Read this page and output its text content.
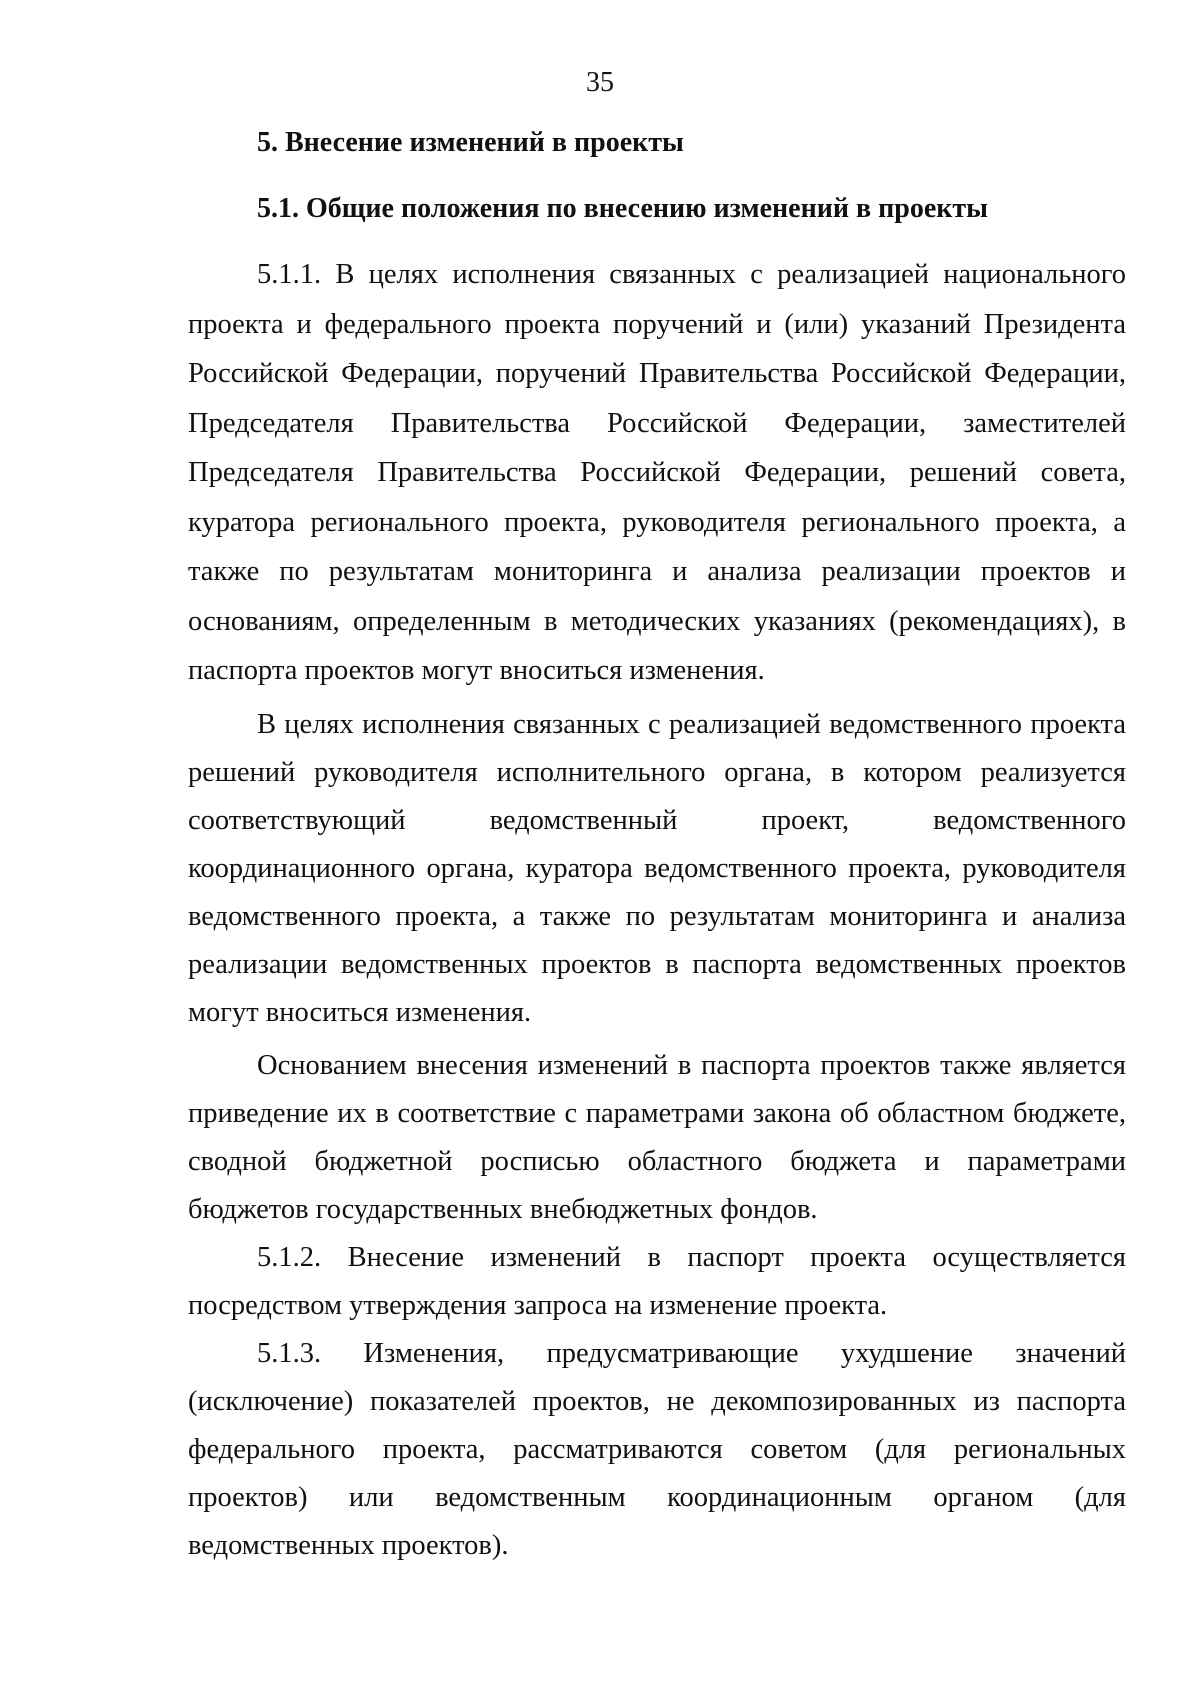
35
5. Внесение изменений в проекты
5.1. Общие положения по внесению изменений в проекты

5.1.1. В целях исполнения связанных с реализацией национального проекта и федерального проекта поручений и (или) указаний Президента Российской Федерации, поручений Правительства Российской Федерации, Председателя Правительства Российской Федерации, заместителей Председателя Правительства Российской Федерации, решений совета, куратора регионального проекта, руководителя регионального проекта, а также по результатам мониторинга и анализа реализации проектов и основаниям, определенным в методических указаниях (рекомендациях), в паспорта проектов могут вноситься изменения.

В целях исполнения связанных с реализацией ведомственного проекта решений руководителя исполнительного органа, в котором реализуется соответствующий ведомственный проект, ведомственного координационного органа, куратора ведомственного проекта, руководителя ведомственного проекта, а также по результатам мониторинга и анализа реализации ведомственных проектов в паспорта ведомственных проектов могут вноситься изменения.

Основанием внесения изменений в паспорта проектов также является приведение их в соответствие с параметрами закона об областном бюджете, сводной бюджетной росписью областного бюджета и параметрами бюджетов государственных внебюджетных фондов.

5.1.2. Внесение изменений в паспорт проекта осуществляется посредством утверждения запроса на изменение проекта.

5.1.3. Изменения, предусматривающие ухудшение значений (исключение) показателей проектов, не декомпозированных из паспорта федерального проекта, рассматриваются советом (для региональных проектов) или ведомственным координационным органом (для ведомственных проектов).
